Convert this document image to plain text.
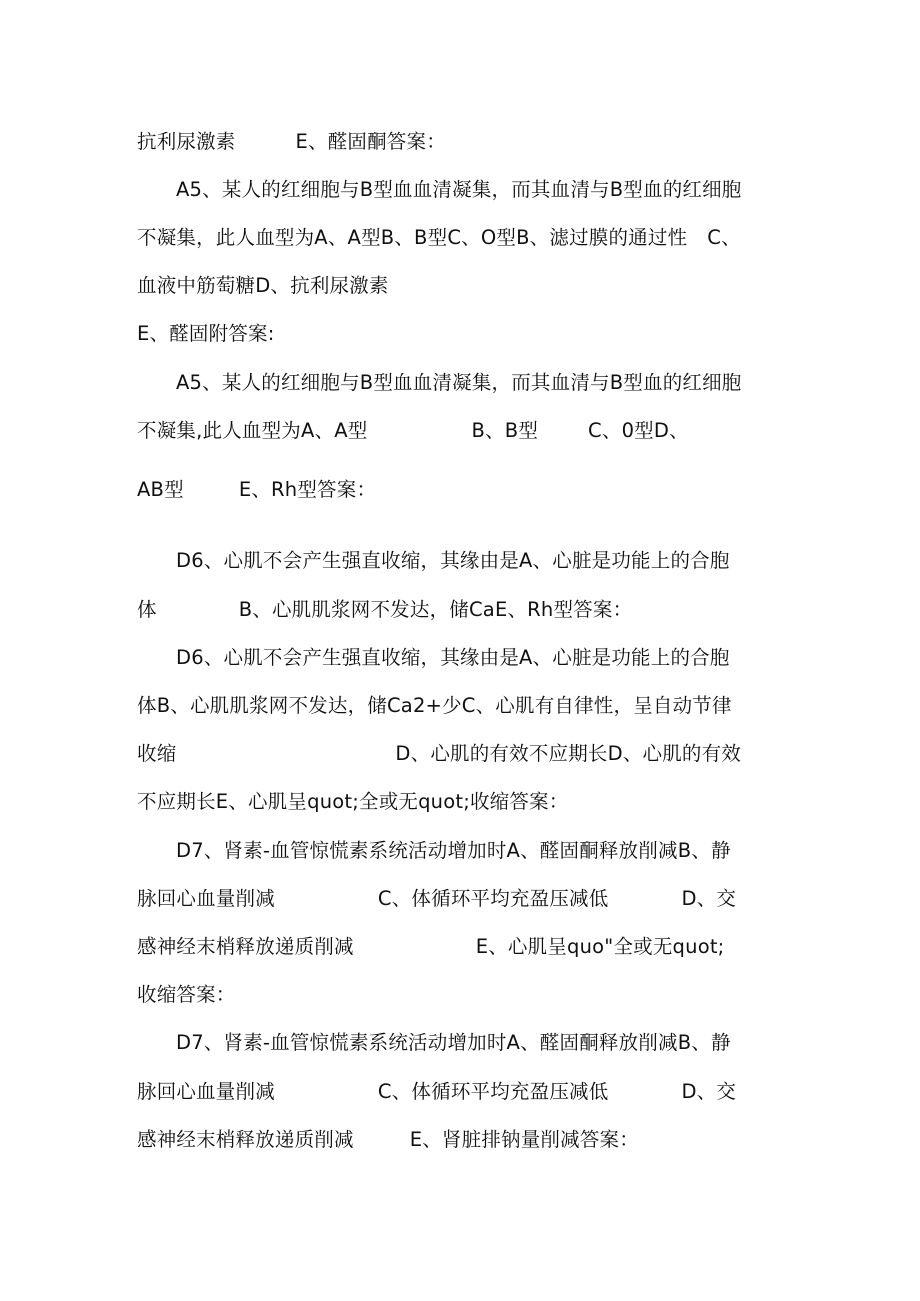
抗利尿激素	E、醛固酮答案：
A5、某人的红细胞与B型血血清凝集，而其血清与B型血的红细胞
不凝集，此人血型为A、A型B、B型C、O型B、滤过膜的通过性 C、
血液中筋萄糖D、抗利尿激素
E、醛固附答案:
A5、某人的红细胞与B型血血清凝集，而其血清与B型血的红细胞
不凝集,此人血型为A、A型	B、B型	C、0型D、
AB型	E、Rh型答案：
D6、心肌不会产生强直收缩，其缘由是A、心脏是功能上的合胞
体	B、心肌肌浆网不发达，储CaE、Rh型答案：
D6、心肌不会产生强直收缩，其缘由是A、心脏是功能上的合胞
体B、心肌肌浆网不发达，储Ca2+少C、心肌有自律性，呈自动节律
收缩	D、心肌的有效不应期长D、心肌的有效
不应期长E、心肌呈quot;全或无quot;收缩答案：
D7、肾素-血管惊慌素系统活动增加时A、醛固酮释放削减B、静
脉回心血量削减	C、体循环平均充盈压减低	D、交
感神经末梢释放递质削减	E、心肌呈quo"全或无quot;
收缩答案：
D7、肾素-血管惊慌素系统活动增加时A、醛固酮释放削减B、静
脉回心血量削减	C、体循环平均充盈压减低	D、交
感神经末梢释放递质削减	E、肾脏排钠量削减答案：
